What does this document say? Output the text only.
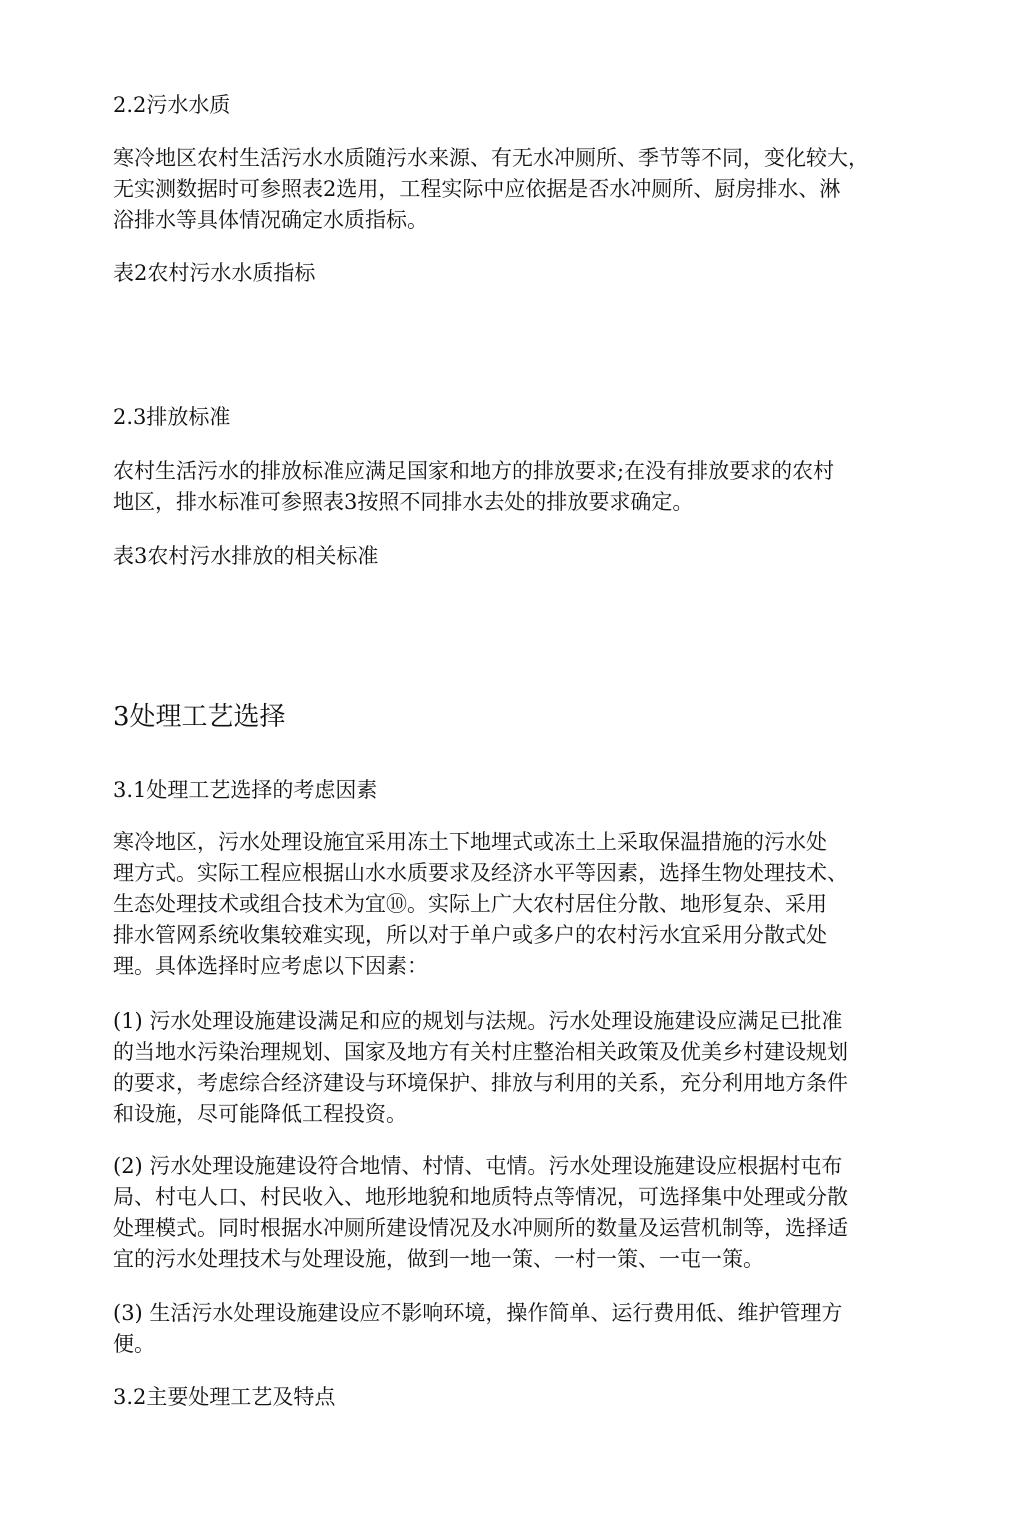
2.2污水水质

寒冷地区农村生活污水水质随污水来源、有无水冲厕所、季节等不同，变化较大，
无实测数据时可参照表2选用，工程实际中应依据是否水冲厕所、厨房排水、淋
浴排水等具体情况确定水质指标。

表2农村污水水质指标

2.3排放标准

农村生活污水的排放标准应满足国家和地方的排放要求;在没有排放要求的农村
地区，排水标准可参照表3按照不同排水去处的排放要求确定。

表3农村污水排放的相关标准

3处理工艺选择

3.1处理工艺选择的考虑因素

寒冷地区，污水处理设施宜采用冻土下地埋式或冻土上采取保温措施的污水处
理方式。实际工程应根据山水水质要求及经济水平等因素，选择生物处理技术、
生态处理技术或组合技术为宜⑩。实际上广大农村居住分散、地形复杂、采用
排水管网系统收集较难实现，所以对于单户或多户的农村污水宜采用分散式处
理。具体选择时应考虑以下因素：

(1) 污水处理设施建设满足和应的规划与法规。污水处理设施建设应满足已批准
的当地水污染治理规划、国家及地方有关村庄整治相关政策及优美乡村建设规划
的要求，考虑综合经济建设与环境保护、排放与利用的关系，充分利用地方条件
和设施，尽可能降低工程投资。

(2) 污水处理设施建设符合地情、村情、屯情。污水处理设施建设应根据村屯布
局、村屯人口、村民收入、地形地貌和地质特点等情况，可选择集中处理或分散
处理模式。同时根据水冲厕所建设情况及水冲厕所的数量及运营机制等，选择适
宜的污水处理技术与处理设施，做到一地一策、一村一策、一屯一策。

(3) 生活污水处理设施建设应不影响环境，操作简单、运行费用低、维护管理方
便。

3.2主要处理工艺及特点
